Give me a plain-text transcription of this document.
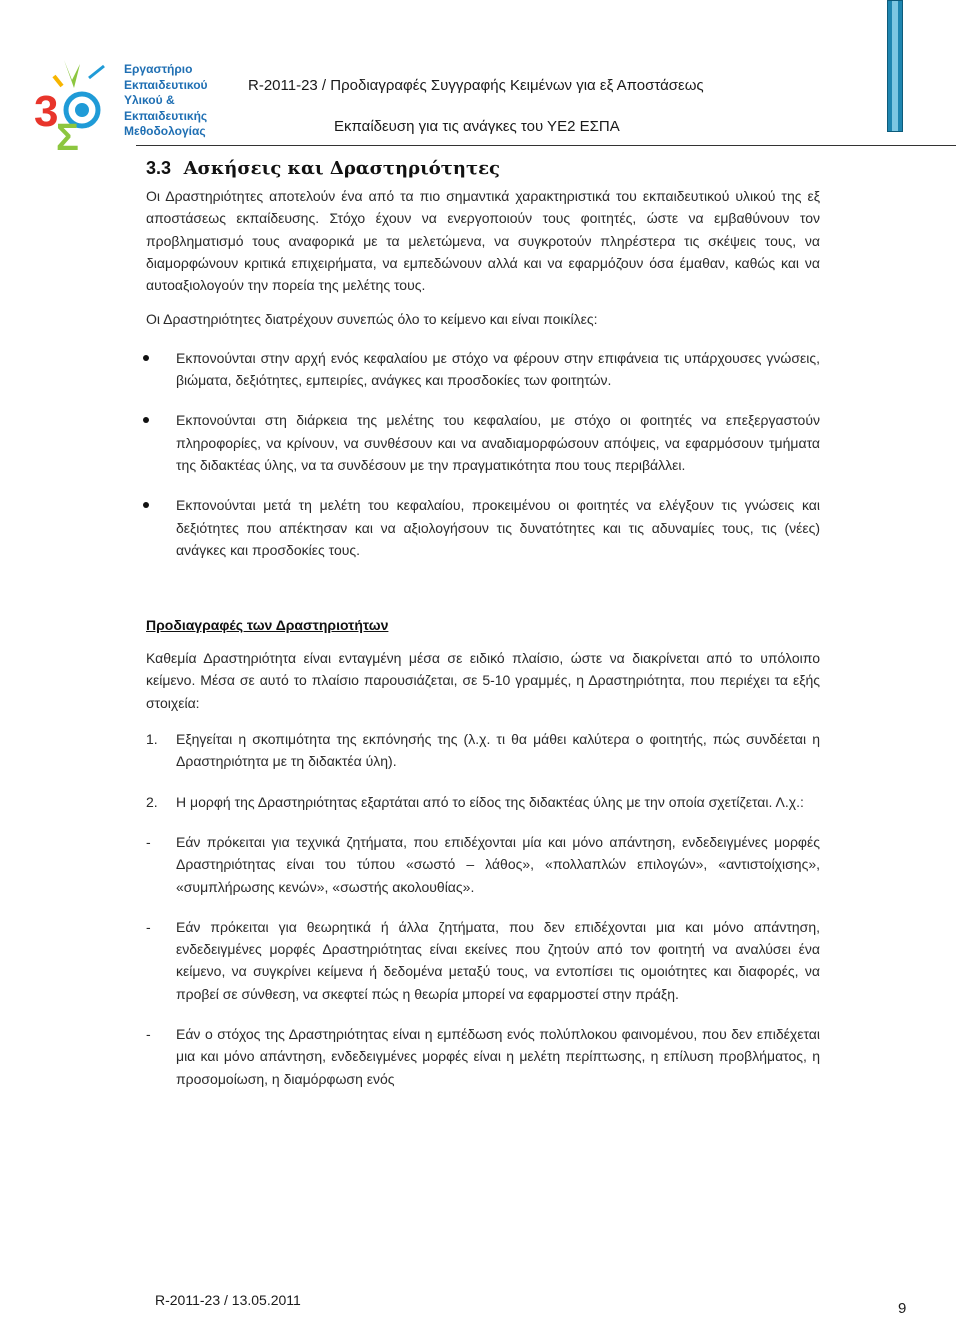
3
Σ
Εργαστήριο
Εκπαιδευτικού
Υλικού &
Εκπαιδευτικής
Μεθοδολογίας
R‐2011‐23 / Προδιαγραφές Συγγραφής Κειμένων για εξ Αποστάσεως
Εκπαίδευση για τις ανάγκες του ΥΕ2 ΕΣΠΑ
3.3 Ασκήσεις και Δραστηριότητες

Οι Δραστηριότητες αποτελούν ένα από τα πιο σημαντικά χαρακτηριστικά του εκπαιδευτικού υλικού της εξ αποστάσεως εκπαίδευσης. Στόχο έχουν να ενεργοποιούν τους φοιτητές, ώστε να εμβαθύνουν τον προβληματισμό τους αναφορικά με τα μελετώμενα, να συγκροτούν πληρέστερα τις σκέψεις τους, να διαμορφώνουν κριτικά επιχειρήματα, να εμπεδώνουν αλλά και να εφαρμόζουν όσα έμαθαν, καθώς και να αυτοαξιολογούν την πορεία της μελέτης τους.

Οι Δραστηριότητες διατρέχουν συνεπώς όλο το κείμενο και είναι ποικίλες:

Εκπονούνται στην αρχή ενός κεφαλαίου με στόχο να φέρουν στην επιφάνεια τις υπάρχουσες γνώσεις, βιώματα, δεξιότητες, εμπειρίες, ανάγκες και προσδοκίες των φοιτητών.
Εκπονούνται στη διάρκεια της μελέτης του κεφαλαίου, με στόχο οι φοιτητές να επεξεργαστούν πληροφορίες, να κρίνουν, να συνθέσουν και να αναδιαμορφώσουν απόψεις, να εφαρμόσουν τμήματα της διδακτέας ύλης, να τα συνδέσουν με την πραγματικότητα που τους περιβάλλει.
Εκπονούνται μετά τη μελέτη του κεφαλαίου, προκειμένου οι φοιτητές να ελέγξουν τις γνώσεις και δεξιότητες που απέκτησαν και να αξιολογήσουν τις δυνατότητες και τις αδυναμίες τους, τις (νέες) ανάγκες και προσδοκίες τους.
Προδιαγραφές των Δραστηριοτήτων

Καθεμία Δραστηριότητα είναι ενταγμένη μέσα σε ειδικό πλαίσιο, ώστε να διακρίνεται από το υπόλοιπο κείμενο. Μέσα σε αυτό το πλαίσιο παρουσιάζεται, σε 5‐10 γραμμές, η Δραστηριότητα, που περιέχει τα εξής στοιχεία:

1. Εξηγείται η σκοπιμότητα της εκπόνησής της (λ.χ. τι θα μάθει καλύτερα ο φοιτητής, πώς συνδέεται η Δραστηριότητα με τη διδακτέα ύλη).
2. Η μορφή της Δραστηριότητας εξαρτάται από το είδος της διδακτέας ύλης με την οποία σχετίζεται. Λ.χ.:
‐ Εάν πρόκειται για τεχνικά ζητήματα, που επιδέχονται μία και μόνο απάντηση, ενδεδειγμένες μορφές Δραστηριότητας είναι του τύπου «σωστό – λάθος», «πολλαπλών επιλογών», «αντιστοίχισης», «συμπλήρωσης κενών», «σωστής ακολουθίας».
‐ Εάν πρόκειται για θεωρητικά ή άλλα ζητήματα, που δεν επιδέχονται μια και μόνο απάντηση, ενδεδειγμένες μορφές Δραστηριότητας είναι εκείνες που ζητούν από τον φοιτητή να αναλύσει ένα κείμενο, να συγκρίνει κείμενα ή δεδομένα μεταξύ τους, να εντοπίσει τις ομοιότητες και διαφορές, να προβεί σε σύνθεση, να σκεφτεί πώς η θεωρία μπορεί να εφαρμοστεί στην πράξη.
‐ Εάν ο στόχος της Δραστηριότητας είναι η εμπέδωση ενός πολύπλοκου φαινομένου, που δεν επιδέχεται μια και μόνο απάντηση, ενδεδειγμένες μορφές είναι η μελέτη περίπτωσης, η επίλυση προβλήματος, η προσομοίωση, η διαμόρφωση ενός
R‐2011‐23 / 13.05.2011	9
